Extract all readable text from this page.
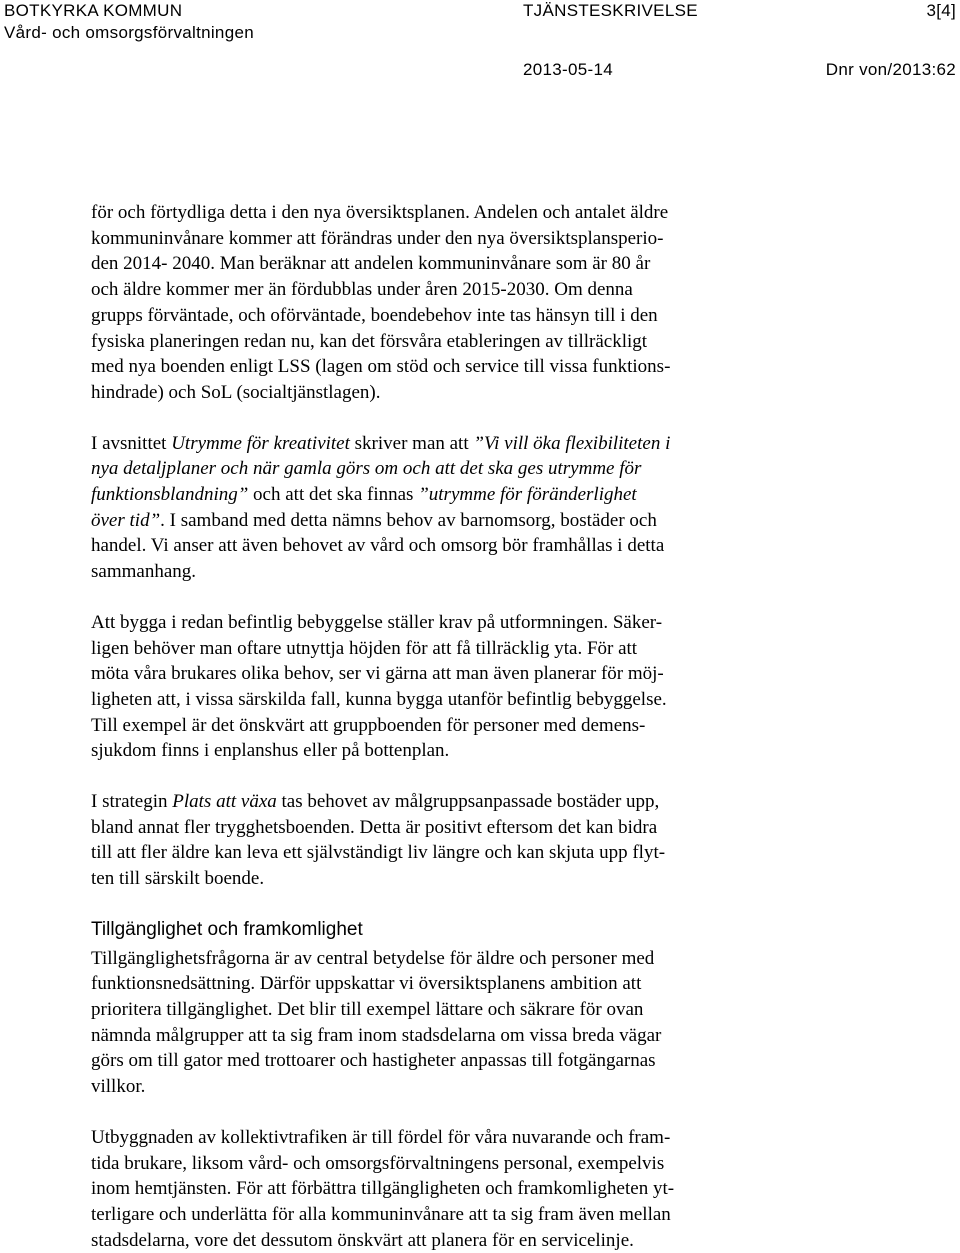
BOTKYRKA KOMMUN
Vård- och omsorgsförvaltningen
TJÄNSTESKRIVELSE	3[4]
2013-05-14	Dnr von/2013:62

för och förtydliga detta i den nya översiktsplanen. Andelen och antalet äldre
kommuninvånare kommer att förändras under den nya översiktsplansperio-
den 2014- 2040. Man beräknar att andelen kommuninvånare som är 80 år
och äldre kommer mer än fördubblas under åren 2015-2030. Om denna
grupps förväntade, och oförväntade, boendebehov inte tas hänsyn till i den
fysiska planeringen redan nu, kan det försvåra etableringen av tillräckligt
med nya boenden enligt LSS (lagen om stöd och service till vissa funktions-
hindrade) och SoL (socialtjänstlagen).

I avsnittet Utrymme för kreativitet skriver man att ”Vi vill öka flexibiliteten i
nya detaljplaner och när gamla görs om och att det ska ges utrymme för
funktionsblandning” och att det ska finnas ”utrymme för föränderlighet
över tid”. I samband med detta nämns behov av barnomsorg, bostäder och
handel. Vi anser att även behovet av vård och omsorg bör framhållas i detta
sammanhang.

Att bygga i redan befintlig bebyggelse ställer krav på utformningen. Säker-
ligen behöver man oftare utnyttja höjden för att få tillräcklig yta. För att
möta våra brukares olika behov, ser vi gärna att man även planerar för möj-
ligheten att, i vissa särskilda fall, kunna bygga utanför befintlig bebyggelse.
Till exempel är det önskvärt att gruppboenden för personer med demens-
sjukdom finns i enplanshus eller på bottenplan.

I strategin Plats att växa tas behovet av målgruppsanpassade bostäder upp,
bland annat fler trygghetsboenden. Detta är positivt eftersom det kan bidra
till att fler äldre kan leva ett självständigt liv längre och kan skjuta upp flyt-
ten till särskilt boende.

Tillgänglighet och framkomlighet

Tillgänglighetsfrågorna är av central betydelse för äldre och personer med
funktionsnedsättning. Därför uppskattar vi översiktsplanens ambition att
prioritera tillgänglighet. Det blir till exempel lättare och säkrare för ovan
nämnda målgrupper att ta sig fram inom stadsdelarna om vissa breda vägar
görs om till gator med trottoarer och hastigheter anpassas till fotgängarnas
villkor.

Utbyggnaden av kollektivtrafiken är till fördel för våra nuvarande och fram-
tida brukare, liksom vård- och omsorgsförvaltningens personal, exempelvis
inom hemtjänsten. För att förbättra tillgängligheten och framkomligheten yt-
terligare och underlätta för alla kommuninvånare att ta sig fram även mellan
stadsdelarna, vore det dessutom önskvärt att planera för en servicelinje.
